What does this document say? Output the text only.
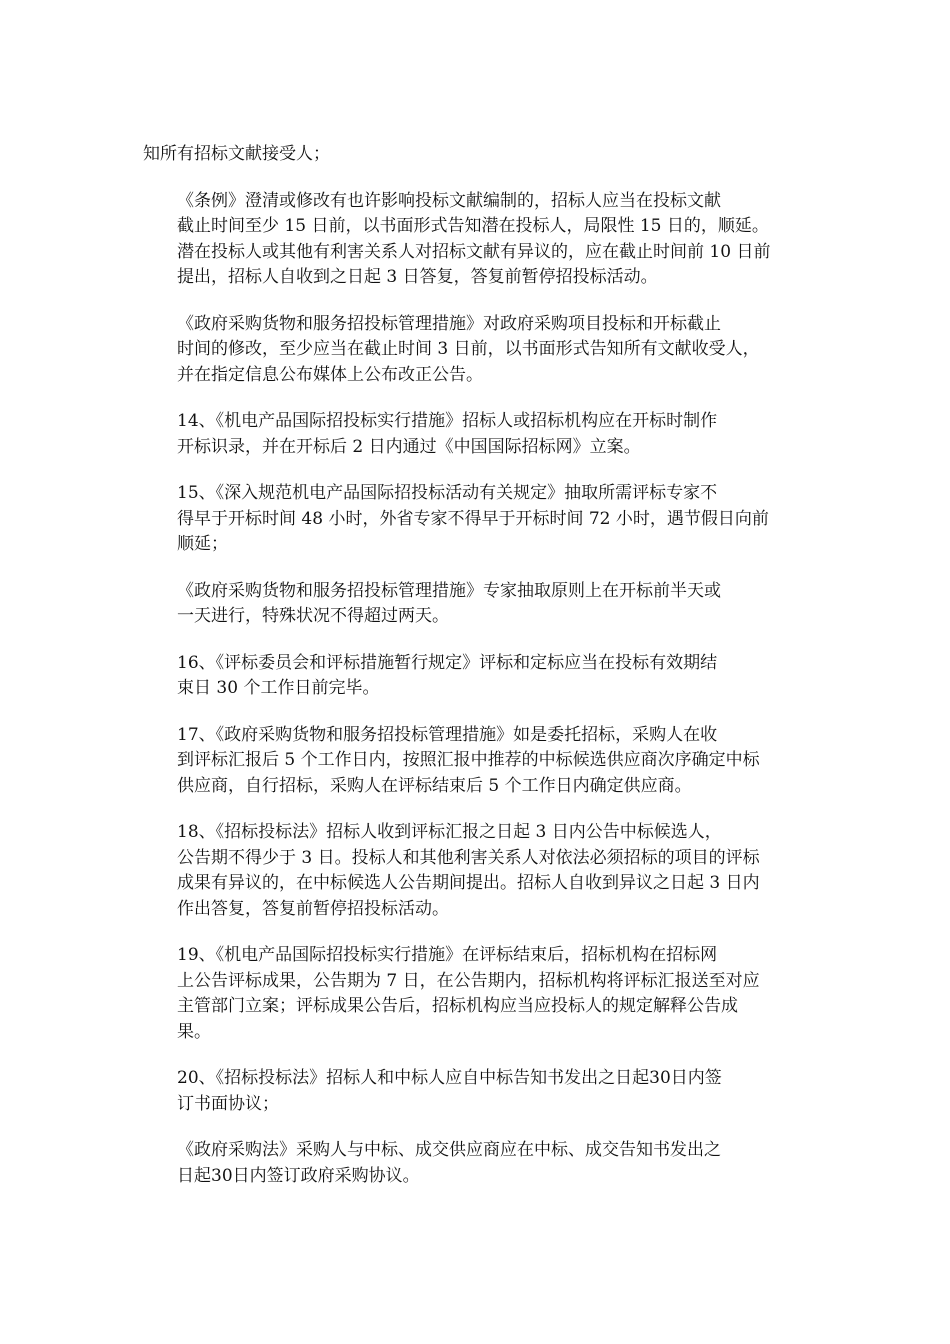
知所有招标文献接受人；
《条例》澄清或修改有也许影响投标文献编制的，招标人应当在投标文献
截止时间至少 15 日前，以书面形式告知潜在投标人，局限性 15 日的，顺延。
潜在投标人或其他有利害关系人对招标文献有异议的，应在截止时间前 10 日前
提出，招标人自收到之日起 3 日答复，答复前暂停招投标活动。
《政府采购货物和服务招投标管理措施》对政府采购项目投标和开标截止
时间的修改，至少应当在截止时间 3 日前，以书面形式告知所有文献收受人，
并在指定信息公布媒体上公布改正公告。
14、《机电产品国际招投标实行措施》招标人或招标机构应在开标时制作
开标识录，并在开标后 2 日内通过《中国国际招标网》立案。
15、《深入规范机电产品国际招投标活动有关规定》抽取所需评标专家不
得早于开标时间 48 小时，外省专家不得早于开标时间 72 小时，遇节假日向前
顺延；
《政府采购货物和服务招投标管理措施》专家抽取原则上在开标前半天或
一天进行，特殊状况不得超过两天。
16、《评标委员会和评标措施暂行规定》评标和定标应当在投标有效期结
束日 30 个工作日前完毕。
17、《政府采购货物和服务招投标管理措施》如是委托招标，采购人在收
到评标汇报后 5 个工作日内，按照汇报中推荐的中标候选供应商次序确定中标
供应商，自行招标，采购人在评标结束后 5 个工作日内确定供应商。
18、《招标投标法》招标人收到评标汇报之日起 3 日内公告中标候选人，
公告期不得少于 3 日。投标人和其他利害关系人对依法必须招标的项目的评标
成果有异议的，在中标候选人公告期间提出。招标人自收到异议之日起 3 日内
作出答复，答复前暂停招投标活动。
19、《机电产品国际招投标实行措施》在评标结束后，招标机构在招标网
上公告评标成果，公告期为 7 日，在公告期内，招标机构将评标汇报送至对应
主管部门立案；评标成果公告后，招标机构应当应投标人的规定解释公告成
果。
20、《招标投标法》招标人和中标人应自中标告知书发出之日起30日内签
订书面协议；
《政府采购法》采购人与中标、成交供应商应在中标、成交告知书发出之
日起30日内签订政府采购协议。
